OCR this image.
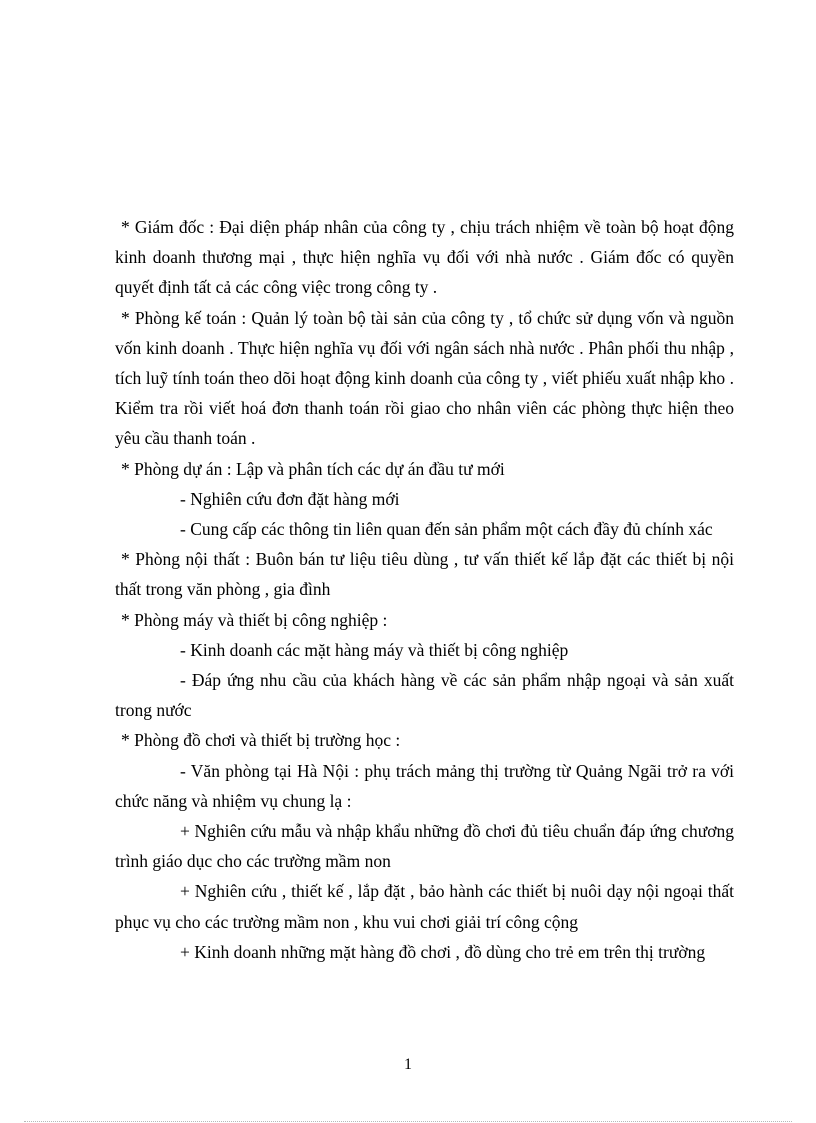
* Giám đốc : Đại diện pháp nhân của công ty , chịu trách nhiệm về toàn bộ hoạt động kinh doanh thương mại , thực hiện nghĩa vụ đối với nhà nước . Giám đốc có quyền quyết định tất cả các công việc trong công ty .

* Phòng kế toán : Quản lý toàn bộ tài sản của công ty , tổ chức sử dụng vốn và nguồn vốn kinh doanh . Thực hiện nghĩa vụ đối với ngân sách nhà nước . Phân phối thu nhập , tích luỹ tính toán theo dõi hoạt động kinh doanh của công ty , viết phiếu xuất nhập kho . Kiểm tra rồi viết hoá đơn thanh toán rồi giao cho nhân viên các phòng thực hiện theo yêu cầu thanh toán .

* Phòng dự án : Lập và phân tích các dự án đầu tư mới

- Nghiên cứu đơn đặt hàng mới

- Cung cấp các thông tin liên quan đến sản phẩm một cách đầy đủ chính xác

* Phòng nội thất : Buôn bán tư liệu tiêu dùng , tư vấn thiết kế lắp đặt các thiết bị nội thất trong văn phòng , gia đình

* Phòng máy và thiết bị công nghiệp :

- Kinh doanh các mặt hàng máy và thiết bị công nghiệp

- Đáp ứng nhu cầu của khách hàng về các sản phẩm nhập ngoại và sản xuất trong nước

* Phòng đồ chơi và thiết bị trường học :

- Văn phòng tại Hà Nội : phụ trách mảng thị trường từ Quảng Ngãi trở ra với chức năng và nhiệm vụ chung lạ :

+ Nghiên cứu mẫu và nhập khẩu những đồ chơi đủ tiêu chuẩn đáp ứng chương trình giáo dục cho các trường mầm non

+ Nghiên cứu , thiết kế , lắp đặt , bảo hành các thiết bị nuôi dạy nội ngoại thất phục vụ cho các trường mầm non , khu vui chơi giải trí công cộng

+ Kinh doanh những mặt hàng đồ chơi , đồ dùng cho trẻ em trên thị trường

1
